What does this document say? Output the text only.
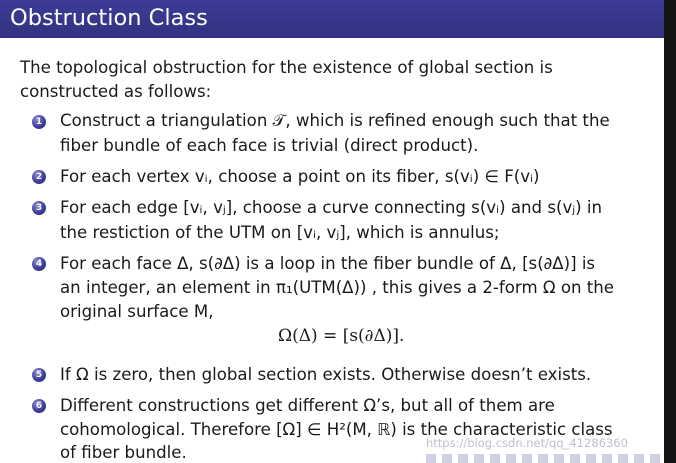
Obstruction Class
The topological obstruction for the existence of global section is
constructed as follows:
1 Construct a triangulation 𝒯, which is refined enough such that the
fiber bundle of each face is trivial (direct product).
2 For each vertex vᵢ, choose a point on its fiber, s(vᵢ) ∈ F(vᵢ)
3 For each edge [vᵢ, vⱼ], choose a curve connecting s(vᵢ) and s(vⱼ) in
the restiction of the UTM on [vᵢ, vⱼ], which is annulus;
4 For each face Δ, s(∂Δ) is a loop in the fiber bundle of Δ, [s(∂Δ)] is
an integer, an element in π₁(UTM(Δ)) , this gives a 2-form Ω on the
original surface M,
Ω(Δ) = [s(∂Δ)].
5 If Ω is zero, then global section exists. Otherwise doesn’t exists.
6 Different constructions get different Ω’s, but all of them are
cohomological. Therefore [Ω] ∈ H²(M, ℝ) is the characteristic class
of fiber bundle.	https://blog.csdn.net/qq_41286360
